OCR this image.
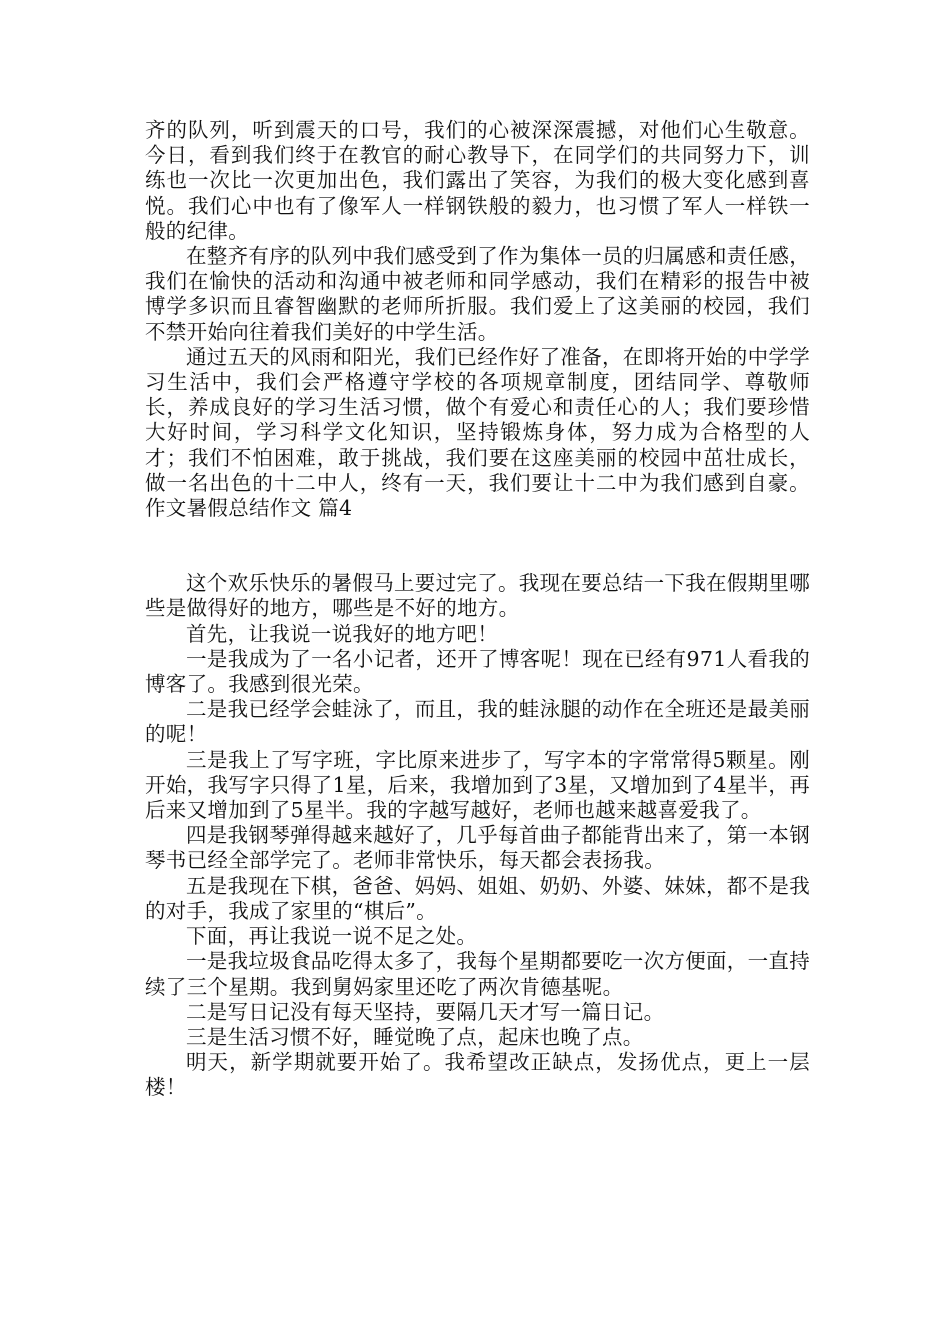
齐的队列，听到震天的口号，我们的心被深深震撼，对他们心生敬意。今日，看到我们终于在教官的耐心教导下，在同学们的共同努力下，训练也一次比一次更加出色，我们露出了笑容，为我们的极大变化感到喜悦。我们心中也有了像军人一样钢铁般的毅力，也习惯了军人一样铁一般的纪律。

在整齐有序的队列中我们感受到了作为集体一员的归属感和责任感，我们在愉快的活动和沟通中被老师和同学感动，我们在精彩的报告中被博学多识而且睿智幽默的老师所折服。我们爱上了这美丽的校园，我们不禁开始向往着我们美好的中学生活。

通过五天的风雨和阳光，我们已经作好了准备，在即将开始的中学学习生活中，我们会严格遵守学校的各项规章制度，团结同学、尊敬师长，养成良好的学习生活习惯，做个有爱心和责任心的人；我们要珍惜大好时间，学习科学文化知识，坚持锻炼身体，努力成为合格型的人才；我们不怕困难，敢于挑战，我们要在这座美丽的校园中茁壮成长，做一名出色的十二中人，终有一天，我们要让十二中为我们感到自豪。作文暑假总结作文 篇4

这个欢乐快乐的暑假马上要过完了。我现在要总结一下我在假期里哪些是做得好的地方，哪些是不好的地方。

首先，让我说一说我好的地方吧！

一是我成为了一名小记者，还开了博客呢！现在已经有971人看我的博客了。我感到很光荣。

二是我已经学会蛙泳了，而且，我的蛙泳腿的动作在全班还是最美丽的呢！

三是我上了写字班，字比原来进步了，写字本的字常常得5颗星。刚开始，我写字只得了1星，后来，我增加到了3星，又增加到了4星半，再后来又增加到了5星半。我的字越写越好，老师也越来越喜爱我了。

四是我钢琴弹得越来越好了，几乎每首曲子都能背出来了，第一本钢琴书已经全部学完了。老师非常快乐，每天都会表扬我。

五是我现在下棋，爸爸、妈妈、姐姐、奶奶、外婆、妹妹，都不是我的对手，我成了家里的“棋后”。

下面，再让我说一说不足之处。

一是我垃圾食品吃得太多了，我每个星期都要吃一次方便面，一直持续了三个星期。我到舅妈家里还吃了两次肯德基呢。

二是写日记没有每天坚持，要隔几天才写一篇日记。

三是生活习惯不好，睡觉晚了点，起床也晚了点。

明天，新学期就要开始了。我希望改正缺点，发扬优点，更上一层楼！
